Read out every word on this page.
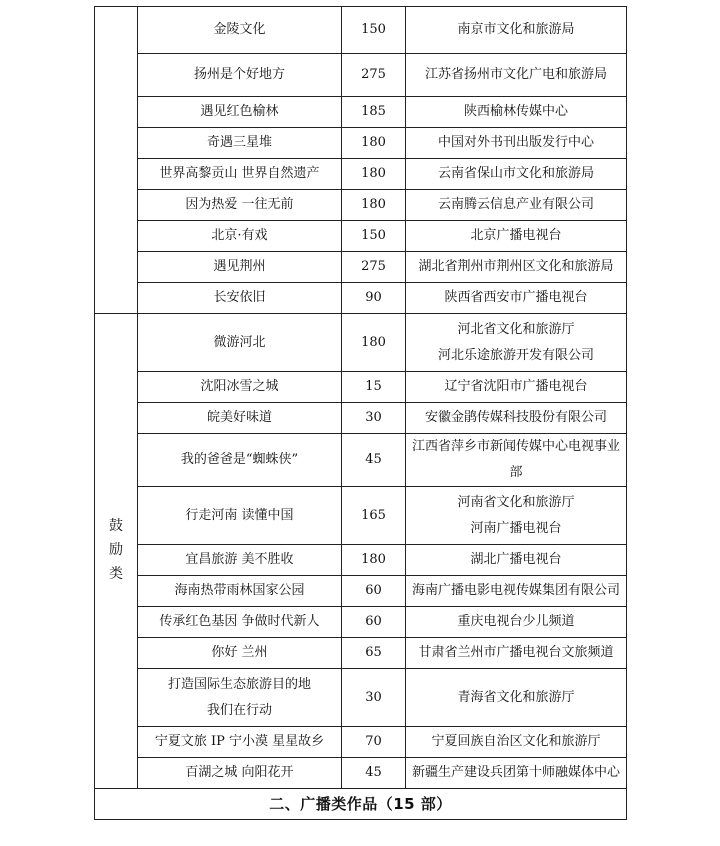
	金陵文化	150	南京市文化和旅游局

	扬州是个好地方	275	江苏省扬州市文化广电和旅游局

	遇见红色榆林	185	陕西榆林传媒中心

	奇遇三星堆	180	中国对外书刊出版发行中心

	世界高黎贡山 世界自然遗产	180	云南省保山市文化和旅游局

	因为热爱 一往无前	180	云南腾云信息产业有限公司

	北京·有戏	150	北京广播电视台

	遇见荆州	275	湖北省荆州市荆州区文化和旅游局

	长安依旧	90	陕西省西安市广播电视台

鼓励类	微游河北	180	河北省文化和旅游厅
河北乐途旅游开发有限公司

	沈阳冰雪之城	15	辽宁省沈阳市广播电视台

	皖美好味道	30	安徽金鹃传媒科技股份有限公司

	我的爸爸是“蜘蛛侠”	45	江西省萍乡市新闻传媒中心电视事业部

	行走河南 读懂中国	165	河南省文化和旅游厅
河南广播电视台

	宜昌旅游 美不胜收	180	湖北广播电视台

	海南热带雨林国家公园	60	海南广播电影电视传媒集团有限公司

	传承红色基因 争做时代新人	60	重庆电视台少儿频道

	你好 兰州	65	甘肃省兰州市广播电视台文旅频道

	打造国际生态旅游目的地
我们在行动	30	青海省文化和旅游厅

	宁夏文旅 IP 宁小漠 星星故乡	70	宁夏回族自治区文化和旅游厅

	百湖之城 向阳花开	45	新疆生产建设兵团第十师融媒体中心

二、广播类作品（15 部）			
